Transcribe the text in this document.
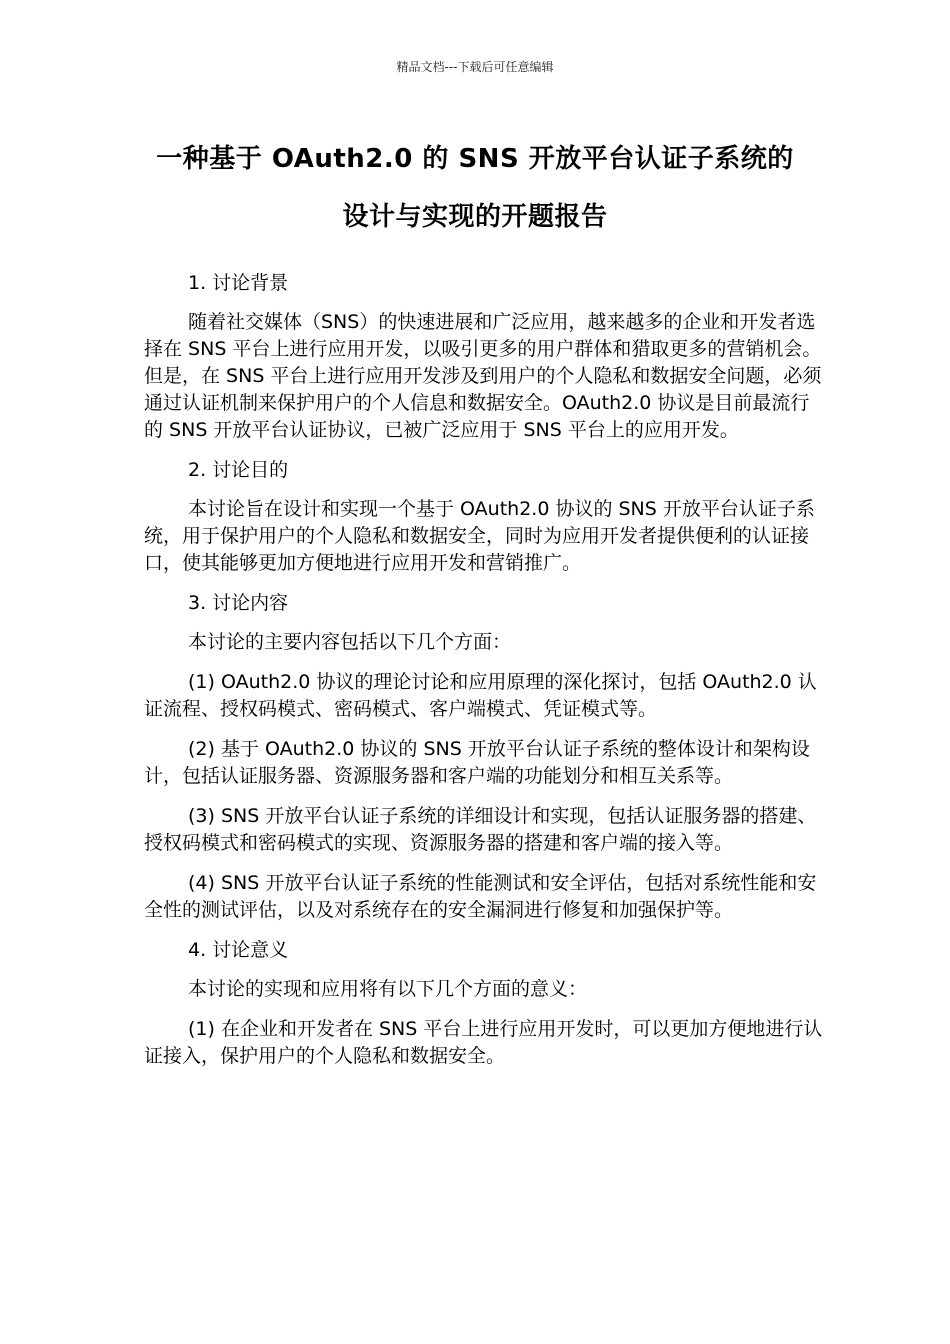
精品文档---下载后可任意编辑
一种基于 OAuth2.0 的 SNS 开放平台认证子系统的
设计与实现的开题报告

1. 讨论背景

随着社交媒体（SNS）的快速进展和广泛应用，越来越多的企业和开发者选择在 SNS 平台上进行应用开发，以吸引更多的用户群体和猎取更多的营销机会。但是，在 SNS 平台上进行应用开发涉及到用户的个人隐私和数据安全问题，必须通过认证机制来保护用户的个人信息和数据安全。OAuth2.0 协议是目前最流行的 SNS 开放平台认证协议，已被广泛应用于 SNS 平台上的应用开发。

2. 讨论目的

本讨论旨在设计和实现一个基于 OAuth2.0 协议的 SNS 开放平台认证子系统，用于保护用户的个人隐私和数据安全，同时为应用开发者提供便利的认证接口，使其能够更加方便地进行应用开发和营销推广。

3. 讨论内容

本讨论的主要内容包括以下几个方面：

(1) OAuth2.0 协议的理论讨论和应用原理的深化探讨，包括 OAuth2.0 认证流程、授权码模式、密码模式、客户端模式、凭证模式等。

(2) 基于 OAuth2.0 协议的 SNS 开放平台认证子系统的整体设计和架构设计，包括认证服务器、资源服务器和客户端的功能划分和相互关系等。

(3) SNS 开放平台认证子系统的详细设计和实现，包括认证服务器的搭建、授权码模式和密码模式的实现、资源服务器的搭建和客户端的接入等。

(4) SNS 开放平台认证子系统的性能测试和安全评估，包括对系统性能和安全性的测试评估，以及对系统存在的安全漏洞进行修复和加强保护等。

4. 讨论意义

本讨论的实现和应用将有以下几个方面的意义：

(1) 在企业和开发者在 SNS 平台上进行应用开发时，可以更加方便地进行认证接入，保护用户的个人隐私和数据安全。
